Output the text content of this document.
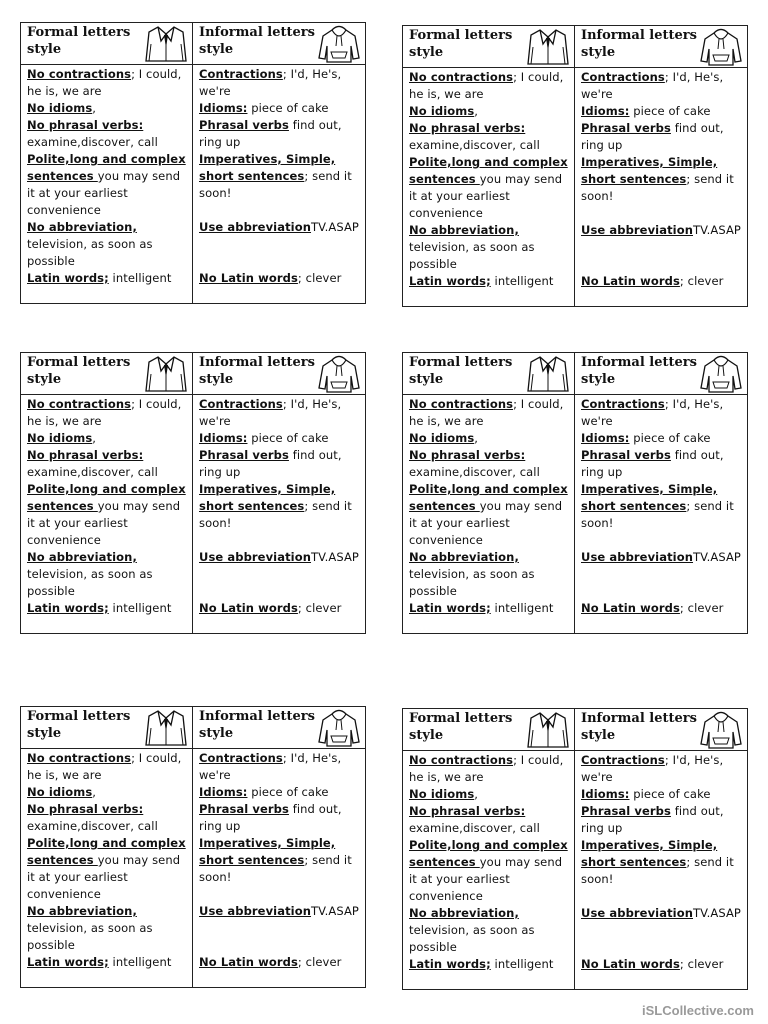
Formal letters style
No contractions; I could, he is, we are
No idioms,
No phrasal verbs: examine,discover, call
Polite,long and complex sentences you may send it at your earliest convenience
No abbreviation, television, as soon as possible
Latin words; intelligent
Informal letters style
Contractions; I'd, He's, we're
Idioms: piece of cake
Phrasal verbs find out, ring up
Imperatives, Simple, short sentences; send it soon!

Use abbreviationTV.ASAP

No Latin words; clever
Formal letters style
No contractions; I could, he is, we are
No idioms,
No phrasal verbs: examine,discover, call
Polite,long and complex sentences you may send it at your earliest convenience
No abbreviation, television, as soon as possible
Latin words; intelligent
Informal letters style
Contractions; I'd, He's, we're
Idioms: piece of cake
Phrasal verbs find out, ring up
Imperatives, Simple, short sentences; send it soon!

Use abbreviationTV.ASAP

No Latin words; clever
Formal letters style
No contractions; I could, he is, we are
No idioms,
No phrasal verbs: examine,discover, call
Polite,long and complex sentences you may send it at your earliest convenience
No abbreviation, television, as soon as possible
Latin words; intelligent
Informal letters style
Contractions; I'd, He's, we're
Idioms: piece of cake
Phrasal verbs find out, ring up
Imperatives, Simple, short sentences; send it soon!

Use abbreviationTV.ASAP

No Latin words; clever
Formal letters style
No contractions; I could, he is, we are
No idioms,
No phrasal verbs: examine,discover, call
Polite,long and complex sentences you may send it at your earliest convenience
No abbreviation, television, as soon as possible
Latin words; intelligent
Informal letters style
Contractions; I'd, He's, we're
Idioms: piece of cake
Phrasal verbs find out, ring up
Imperatives, Simple, short sentences; send it soon!

Use abbreviationTV.ASAP

No Latin words; clever
Formal letters style
No contractions; I could, he is, we are
No idioms,
No phrasal verbs: examine,discover, call
Polite,long and complex sentences you may send it at your earliest convenience
No abbreviation, television, as soon as possible
Latin words; intelligent
Informal letters style
Contractions; I'd, He's, we're
Idioms: piece of cake
Phrasal verbs find out, ring up
Imperatives, Simple, short sentences; send it soon!

Use abbreviationTV.ASAP

No Latin words; clever
Formal letters style
No contractions; I could, he is, we are
No idioms,
No phrasal verbs: examine,discover, call
Polite,long and complex sentences you may send it at your earliest convenience
No abbreviation, television, as soon as possible
Latin words; intelligent
Informal letters style
Contractions; I'd, He's, we're
Idioms: piece of cake
Phrasal verbs find out, ring up
Imperatives, Simple, short sentences; send it soon!

Use abbreviationTV.ASAP

No Latin words; clever
iSLCollective.com
